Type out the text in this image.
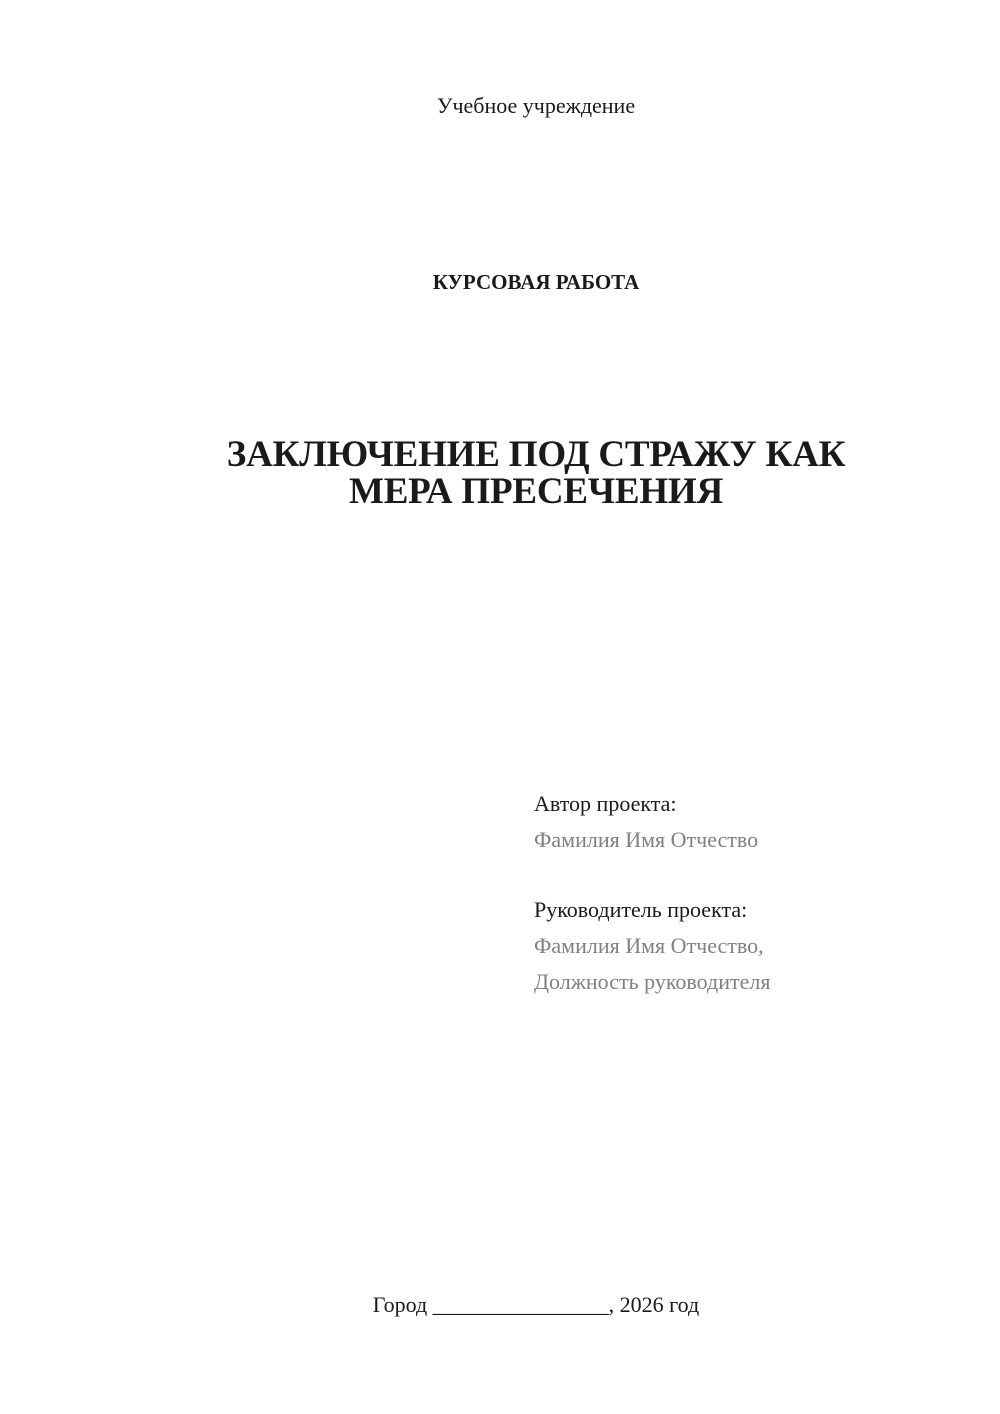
Учебное учреждение
КУРСОВАЯ РАБОТА
ЗАКЛЮЧЕНИЕ ПОД СТРАЖУ КАК
МЕРА ПРЕСЕЧЕНИЯ
Автор проекта:
Фамилия Имя Отчество
Руководитель проекта:
Фамилия Имя Отчество,
Должность руководителя
Город ________________, 2026 год
